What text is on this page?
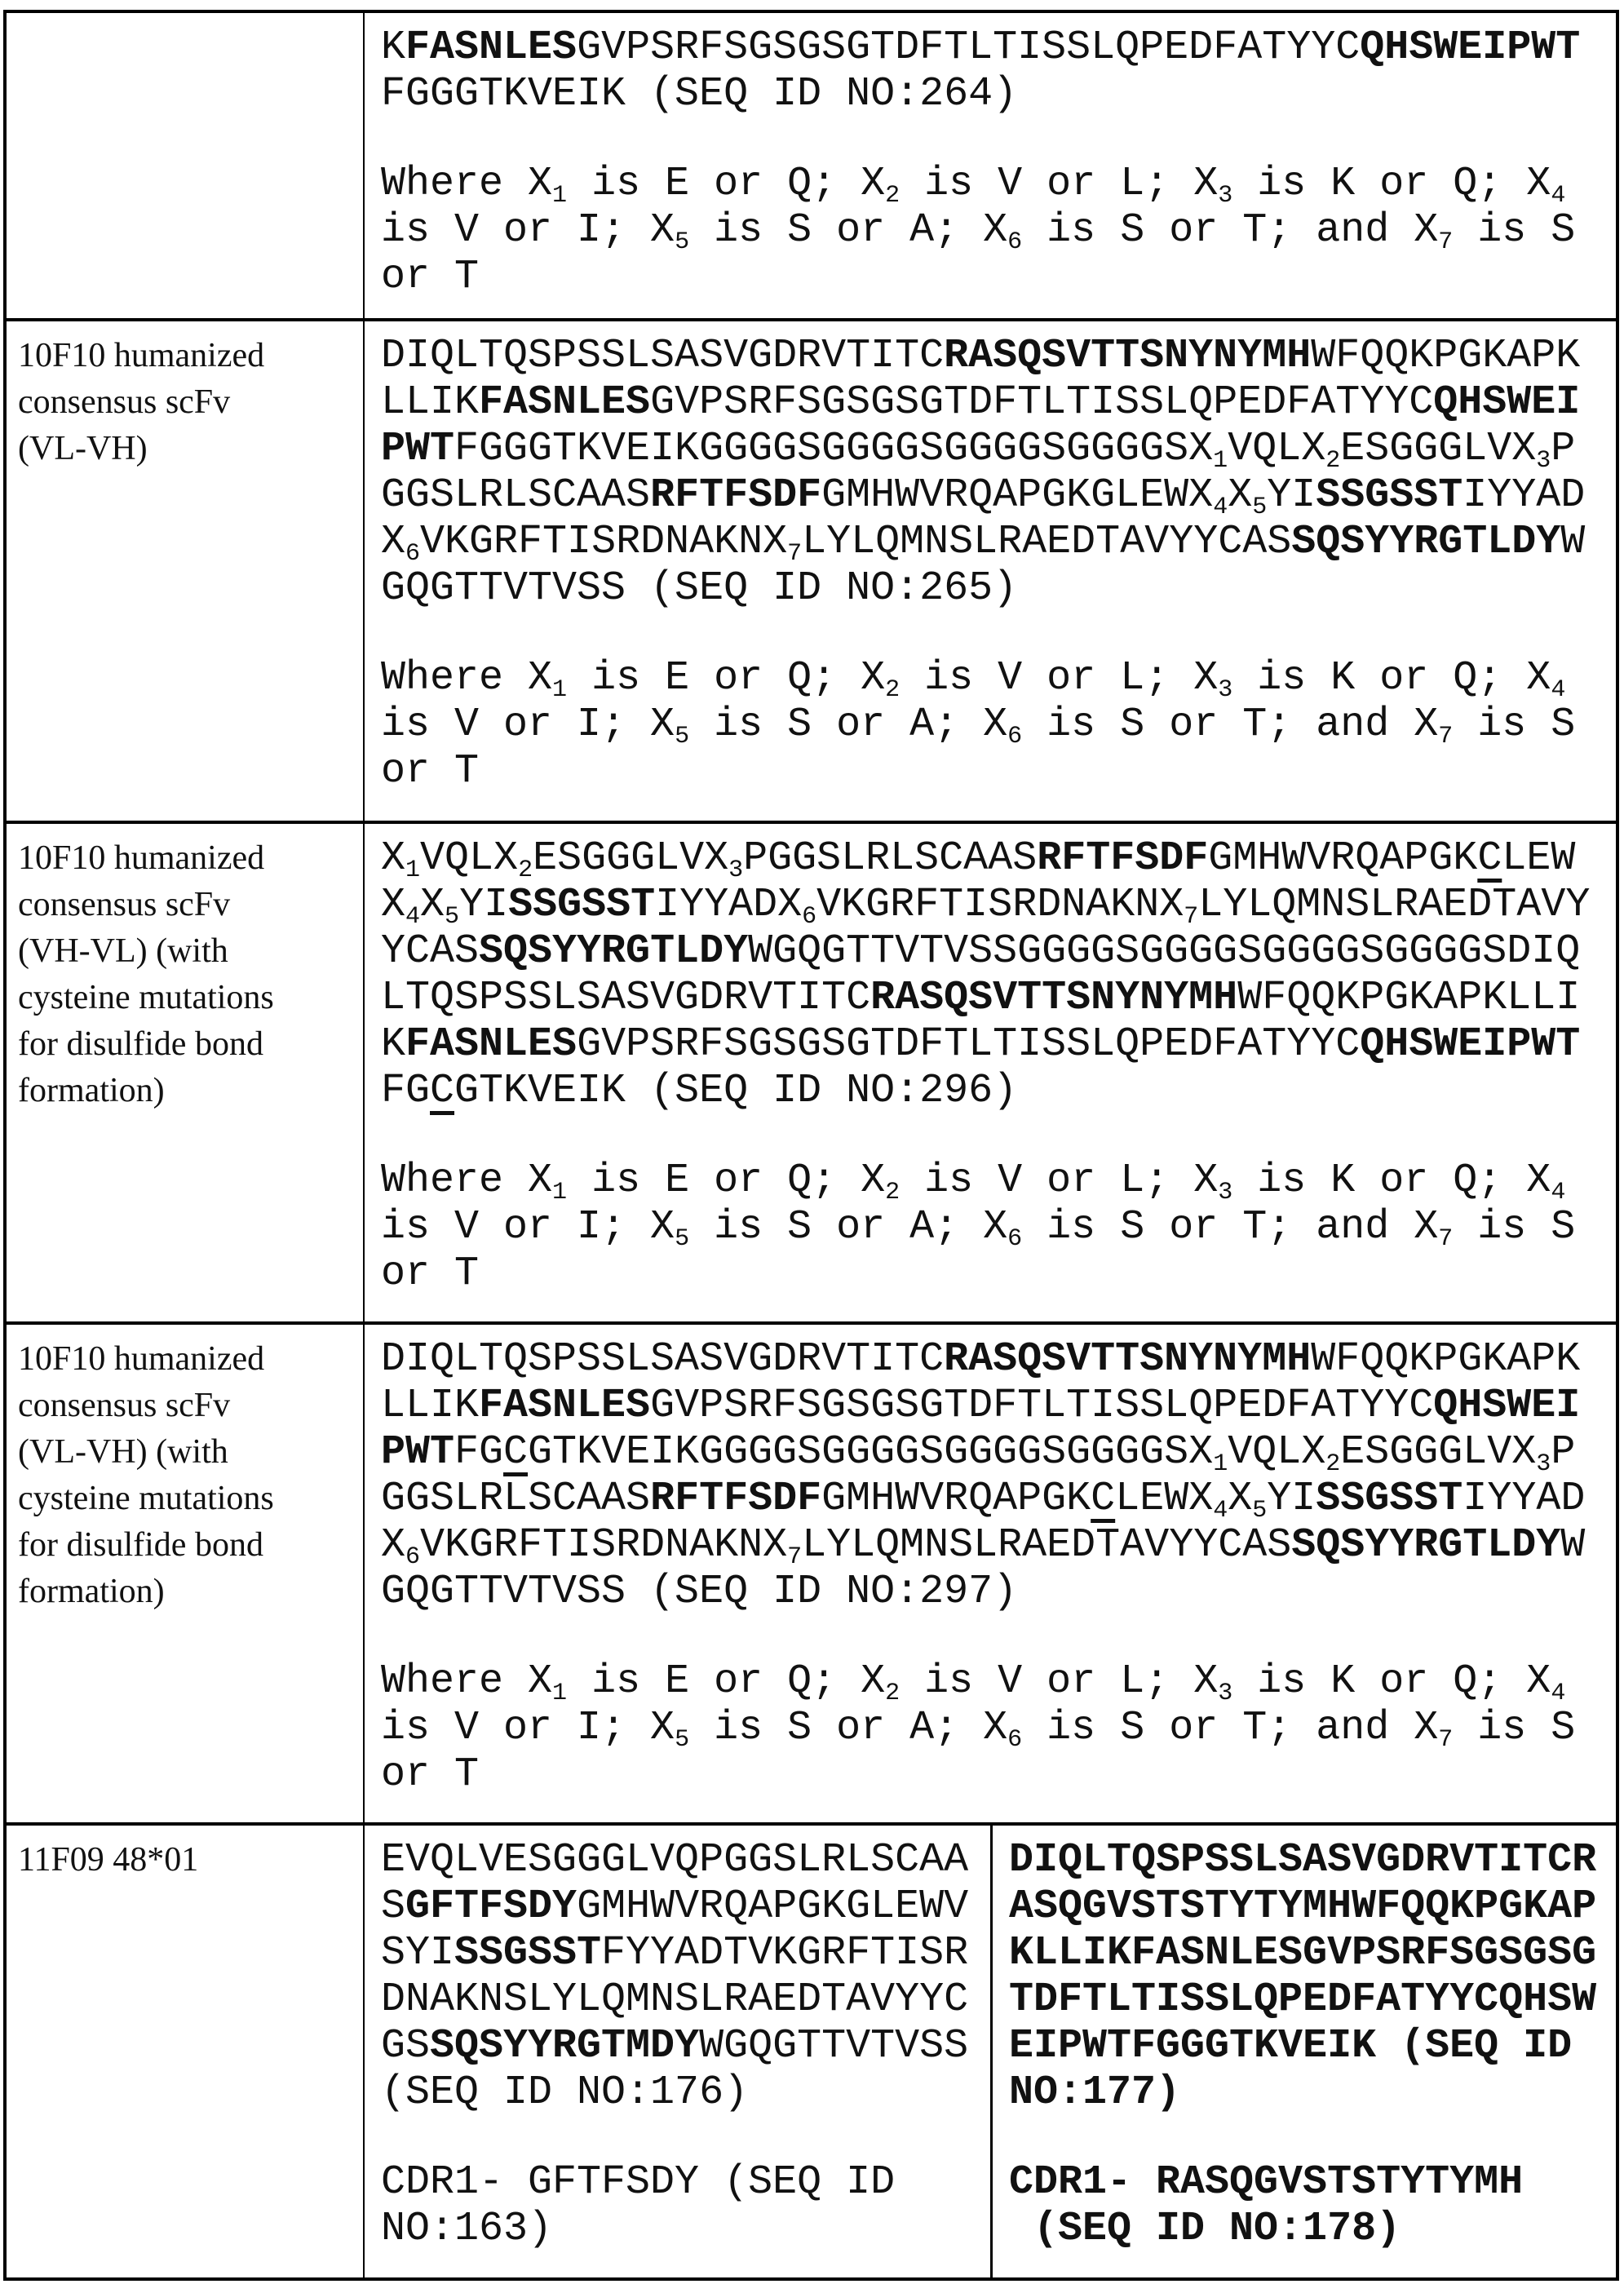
KFASNLESGVPSRFSGSGSGTDFTLTISSLQPEDFATYYCQHSWEIPWT
FGGGTKVEIK (SEQ ID NO:264)
Where X1 is E or Q; X2 is V or L; X3 is K or Q; X4
is V or I; X5 is S or A; X6 is S or T; and X7 is S
or T
10F10 humanized
consensus scFv
(VL-VH)
DIQLTQSPSSLSASVGDRVTITCRASQSVTTSNYNYMHWFQQKPGKAPK
LLIKFASNLESGVPSRFSGSGSGTDFTLTISSLQPEDFATYYCQHSWEI
PWTFGGGTKVEIKGGGGSGGGGSGGGGSGGGGSX1VQLX2ESGGGLVX3P
GGSLRLSCAASRFTFSDFGMHWVRQAPGKGLEWX4X5YISSGSSTIYYAD
X6VKGRFTISRDNAKNX7LYLQMNSLRAEDTAVYYCASSQSYYRGTLDYW
GQGTTVTVSS (SEQ ID NO:265)
Where X1 is E or Q; X2 is V or L; X3 is K or Q; X4
is V or I; X5 is S or A; X6 is S or T; and X7 is S
or T
10F10 humanized
consensus scFv
(VH-VL) (with
cysteine mutations
for disulfide bond
formation)
X1VQLX2ESGGGLVX3PGGSLRLSCAASRFTFSDFGMHWVRQAPGKCLEW
X4X5YISSGSSTIYYADX6VKGRFTISRDNAKNX7LYLQMNSLRAEDTAVY
YCASSQSYYRGTLDYWGQGTTVTVSSGGGGSGGGGSGGGGSGGGGSDIQ
LTQSPSSLSASVGDRVTITCRASQSVTTSNYNYMHWFQQKPGKAPKLLI
KFASNLESGVPSRFSGSGSGTDFTLTISSLQPEDFATYYCQHSWEIPWT
FGCGTKVEIK (SEQ ID NO:296)
Where X1 is E or Q; X2 is V or L; X3 is K or Q; X4
is V or I; X5 is S or A; X6 is S or T; and X7 is S
or T
10F10 humanized
consensus scFv
(VL-VH) (with
cysteine mutations
for disulfide bond
formation)
DIQLTQSPSSLSASVGDRVTITCRASQSVTTSNYNYMHWFQQKPGKAPK
LLIKFASNLESGVPSRFSGSGSGTDFTLTISSLQPEDFATYYCQHSWEI
PWTFGCGTKVEIKGGGGSGGGGSGGGGSGGGGSX1VQLX2ESGGGLVX3P
GGSLRLSCAASRFTFSDFGMHWVRQAPGKCLEWX4X5YISSGSSTIYYAD
X6VKGRFTISRDNAKNX7LYLQMNSLRAEDTAVYYCASSQSYYRGTLDYW
GQGTTVTVSS (SEQ ID NO:297)
Where X1 is E or Q; X2 is V or L; X3 is K or Q; X4
is V or I; X5 is S or A; X6 is S or T; and X7 is S
or T
11F09 48*01	EVQLVESGGGLVQPGGSLRLSCAA
SGFTFSDYGMHWVRQAPGKGLEWV
SYISSGSSTFYYADTVKGRFTISR
DNAKNSLYLQMNSLRAEDTAVYYC
GSSQSYYRGTMDYWGQGTTVTVSS
(SEQ ID NO:176)
CDR1- GFTFSDY (SEQ ID
NO:163)
DIQLTQSPSSLSASVGDRVTITCR
ASQGVSTSTYTYMHWFQQKPGKAP
KLLIKFASNLESGVPSRFSGSGSG
TDFTLTISSLQPEDFATYYCQHSW
EIPWTFGGGTKVEIK (SEQ ID
NO:177)
CDR1- RASQGVSTSTYTYMH
(SEQ ID NO:178)
